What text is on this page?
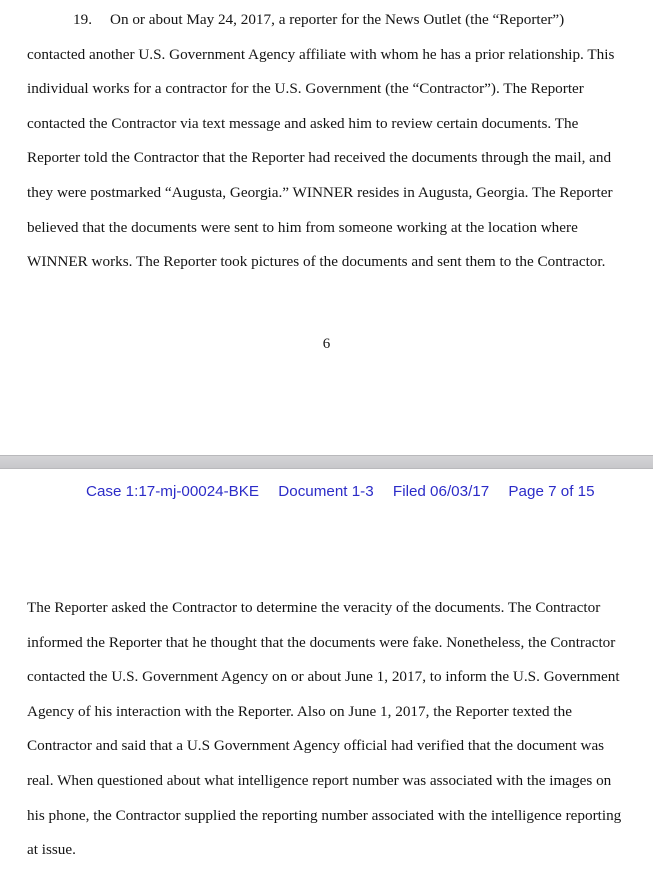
19. On or about May 24, 2017, a reporter for the News Outlet (the “Reporter”)
contacted another U.S. Government Agency affiliate with whom he has a prior relationship. This
individual works for a contractor for the U.S. Government (the “Contractor”). The Reporter
contacted the Contractor via text message and asked him to review certain documents. The
Reporter told the Contractor that the Reporter had received the documents through the mail, and
they were postmarked “Augusta, Georgia.” WINNER resides in Augusta, Georgia. The Reporter
believed that the documents were sent to him from someone working at the location where
WINNER works. The Reporter took pictures of the documents and sent them to the Contractor.
6
Case 1:17-mj-00024-BKE Document 1-3 Filed 06/03/17 Page 7 of 15
The Reporter asked the Contractor to determine the veracity of the documents. The Contractor
informed the Reporter that he thought that the documents were fake. Nonetheless, the Contractor
contacted the U.S. Government Agency on or about June 1, 2017, to inform the U.S. Government
Agency of his interaction with the Reporter. Also on June 1, 2017, the Reporter texted the
Contractor and said that a U.S Government Agency official had verified that the document was
real. When questioned about what intelligence report number was associated with the images on
his phone, the Contractor supplied the reporting number associated with the intelligence reporting
at issue.
